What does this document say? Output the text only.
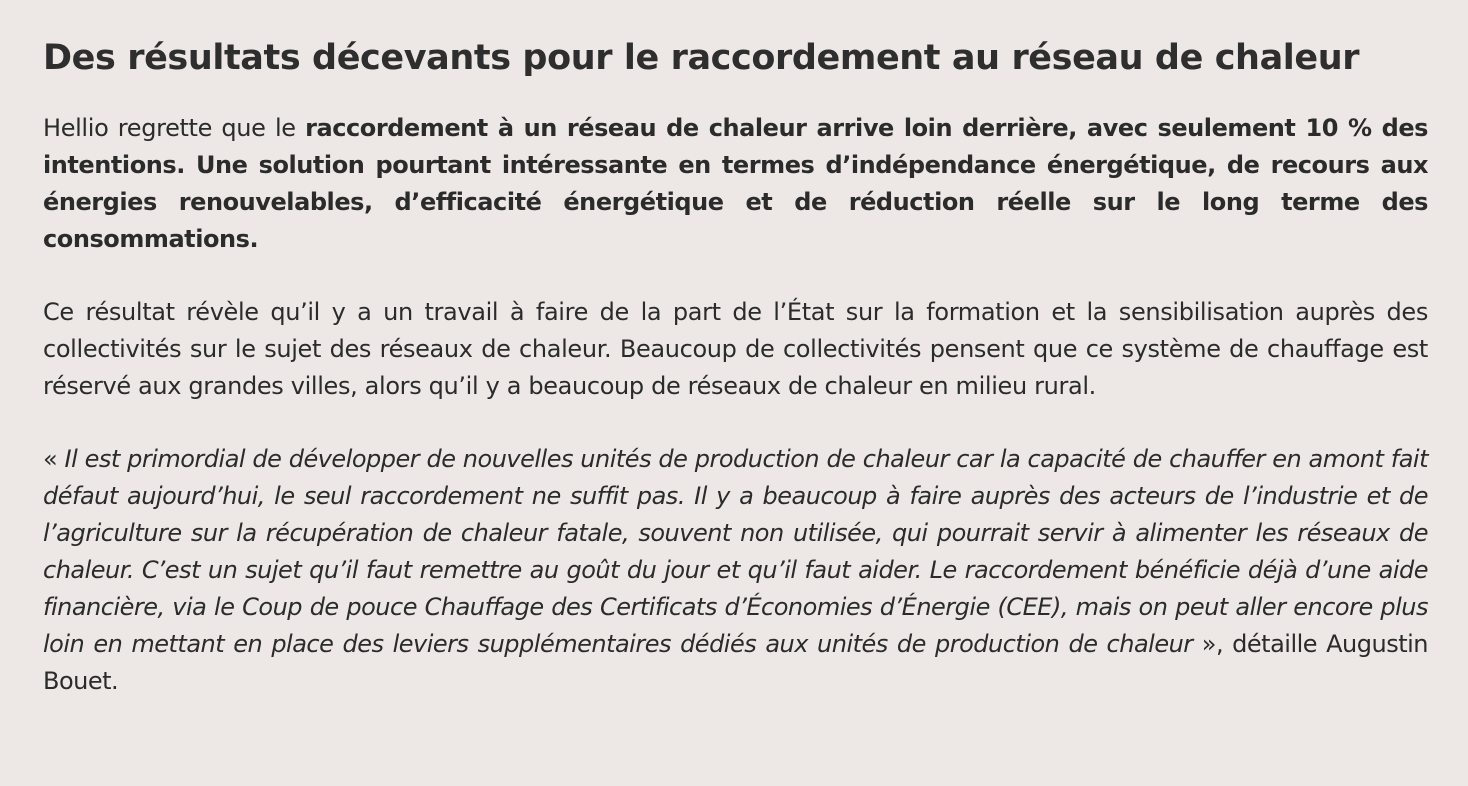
Des résultats décevants pour le raccordement au réseau de chaleur

Hellio regrette que le raccordement à un réseau de chaleur arrive loin derrière, avec seulement 10 % des intentions. Une solution pourtant intéressante en termes d’indépendance énergétique, de recours aux énergies renouvelables, d’efficacité énergétique et de réduction réelle sur le long terme des consommations.

Ce résultat révèle qu’il y a un travail à faire de la part de l’État sur la formation et la sensibilisation auprès des collectivités sur le sujet des réseaux de chaleur. Beaucoup de collectivités pensent que ce système de chauffage est réservé aux grandes villes, alors qu’il y a beaucoup de réseaux de chaleur en milieu rural.

« Il est primordial de développer de nouvelles unités de production de chaleur car la capacité de chauffer en amont fait défaut aujourd’hui, le seul raccordement ne suffit pas. Il y a beaucoup à faire auprès des acteurs de l’industrie et de l’agriculture sur la récupération de chaleur fatale, souvent non utilisée, qui pourrait servir à alimenter les réseaux de chaleur. C’est un sujet qu’il faut remettre au goût du jour et qu’il faut aider. Le raccordement bénéficie déjà d’une aide financière, via le Coup de pouce Chauffage des Certificats d’Économies d’Énergie (CEE), mais on peut aller encore plus loin en mettant en place des leviers supplémentaires dédiés aux unités de production de chaleur », détaille Augustin Bouet.
